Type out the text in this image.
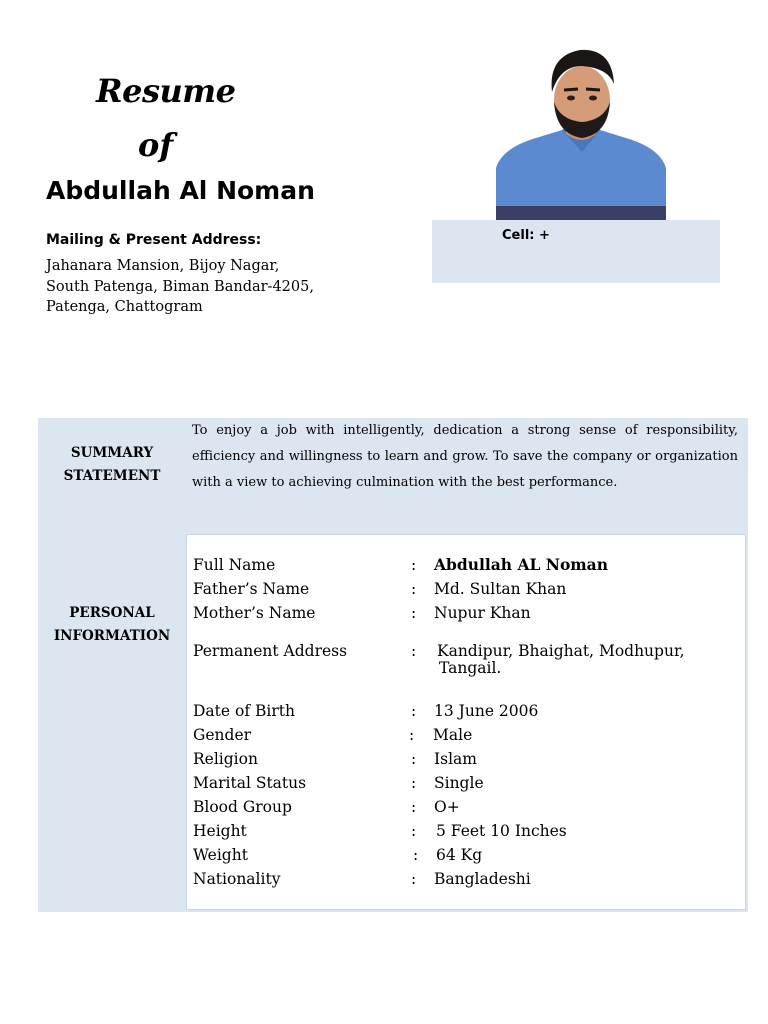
Resume
of
Abdullah Al Noman
Mailing & Present Address:
Jahanara Mansion, Bijoy Nagar,
South Patenga, Biman Bandar-4205,
Patenga, Chattogram
Cell: +
SUMMARY
STATEMENT
To enjoy a job with intelligently, dedication a strong sense of responsibility, efficiency and willingness to learn and grow. To save the company or organization with a view to achieving culmination with the best performance.
PERSONAL
INFORMATION
Full Name	: Abdullah AL Noman
Father’s Name	: Md. Sultan Khan
Mother’s Name	: Nupur Khan
Permanent Address	: Kandipur, Bhaighat, Modhupur,
Tangail.
Date of Birth	: 13 June 2006
Gender	: Male
Religion	: Islam
Marital Status	: Single
Blood Group	: O+
Height	: 5 Feet 10 Inches
Weight	: 64 Kg
Nationality	: Bangladeshi
